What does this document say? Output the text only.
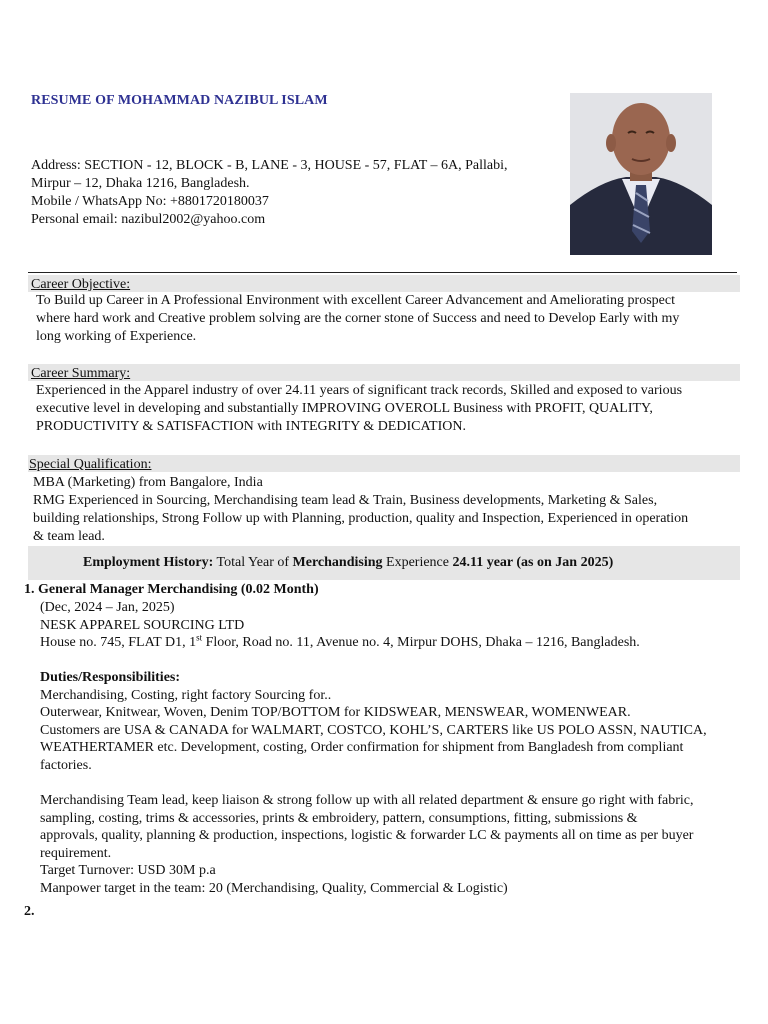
RESUME OF MOHAMMAD NAZIBUL ISLAM
Address: SECTION - 12, BLOCK - B, LANE - 3, HOUSE - 57, FLAT – 6A, Pallabi,
Mirpur – 12, Dhaka 1216, Bangladesh.
Mobile / WhatsApp No: +8801720180037
Personal email: nazibul2002@yahoo.com
Career Objective:
To Build up Career in A Professional Environment with excellent Career Advancement and Ameliorating prospect
where hard work and Creative problem solving are the corner stone of Success and need to Develop Early with my
long working of Experience.
Career Summary:
Experienced in the Apparel industry of over 24.11 years of significant track records, Skilled and exposed to various
executive level in developing and substantially IMPROVING OVEROLL Business with PROFIT, QUALITY,
PRODUCTIVITY & SATISFACTION with INTEGRITY & DEDICATION.
Special Qualification:
MBA (Marketing) from Bangalore, India
RMG Experienced in Sourcing, Merchandising team lead & Train, Business developments, Marketing & Sales,
building relationships, Strong Follow up with Planning, production, quality and Inspection, Experienced in operation
& team lead.
Employment History: Total Year of Merchandising Experience 24.11 year (as on Jan 2025)
1. General Manager Merchandising (0.02 Month)
(Dec, 2024 – Jan, 2025)
NESK APPAREL SOURCING LTD
House no. 745, FLAT D1, 1st Floor, Road no. 11, Avenue no. 4, Mirpur DOHS, Dhaka – 1216, Bangladesh.
Duties/Responsibilities:
Merchandising, Costing, right factory Sourcing for..
Outerwear, Knitwear, Woven, Denim TOP/BOTTOM for KIDSWEAR, MENSWEAR, WOMENWEAR.
Customers are USA & CANADA for WALMART, COSTCO, KOHL’S, CARTERS like US POLO ASSN, NAUTICA,
WEATHERTAMER etc. Development, costing, Order confirmation for shipment from Bangladesh from compliant
factories.
Merchandising Team lead, keep liaison & strong follow up with all related department & ensure go right with fabric,
sampling, costing, trims & accessories, prints & embroidery, pattern, consumptions, fitting, submissions &
approvals, quality, planning & production, inspections, logistic & forwarder LC & payments all on time as per buyer
requirement.
Target Turnover: USD 30M p.a
Manpower target in the team: 20 (Merchandising, Quality, Commercial & Logistic)
2.
